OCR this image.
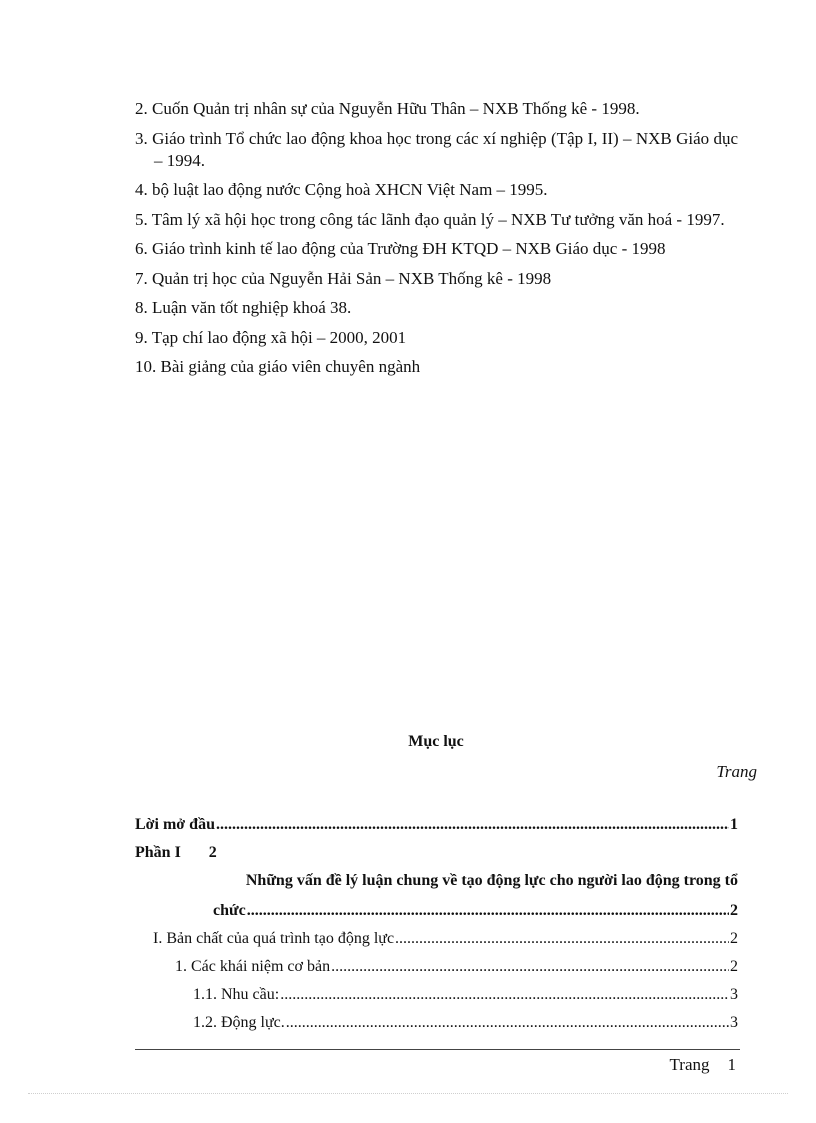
2. Cuốn Quản trị nhân sự của Nguyễn Hữu Thân – NXB Thống kê - 1998.
3. Giáo trình Tổ chức lao động khoa học trong các xí nghiệp (Tập I, II) – NXB Giáo dục – 1994.
4. bộ luật lao động nước Cộng hoà XHCN Việt Nam – 1995.
5. Tâm lý xã hội học trong công tác lãnh đạo quản lý – NXB Tư tưởng văn hoá - 1997.
6. Giáo trình kinh tế lao động của Trường ĐH KTQD – NXB Giáo dục - 1998
7. Quản trị học của Nguyễn Hải Sản – NXB Thống kê - 1998
8. Luận văn tốt nghiệp khoá 38.
9. Tạp chí lao động xã hội – 2000, 2001
10. Bài giảng của giáo viên chuyên ngành
Mục lục
Trang
Lời mở đầu .....	1
Phần I 2
Những vấn đề lý luận chung về tạo động lực cho người lao động trong tổ
chức .....	2
I. Bản chất của quá trình tạo động lực .....	2
1. Các khái niệm cơ bản .....	2
1.1. Nhu cầu: .....	3
1.2. Động lực. .....	3
Trang 1
